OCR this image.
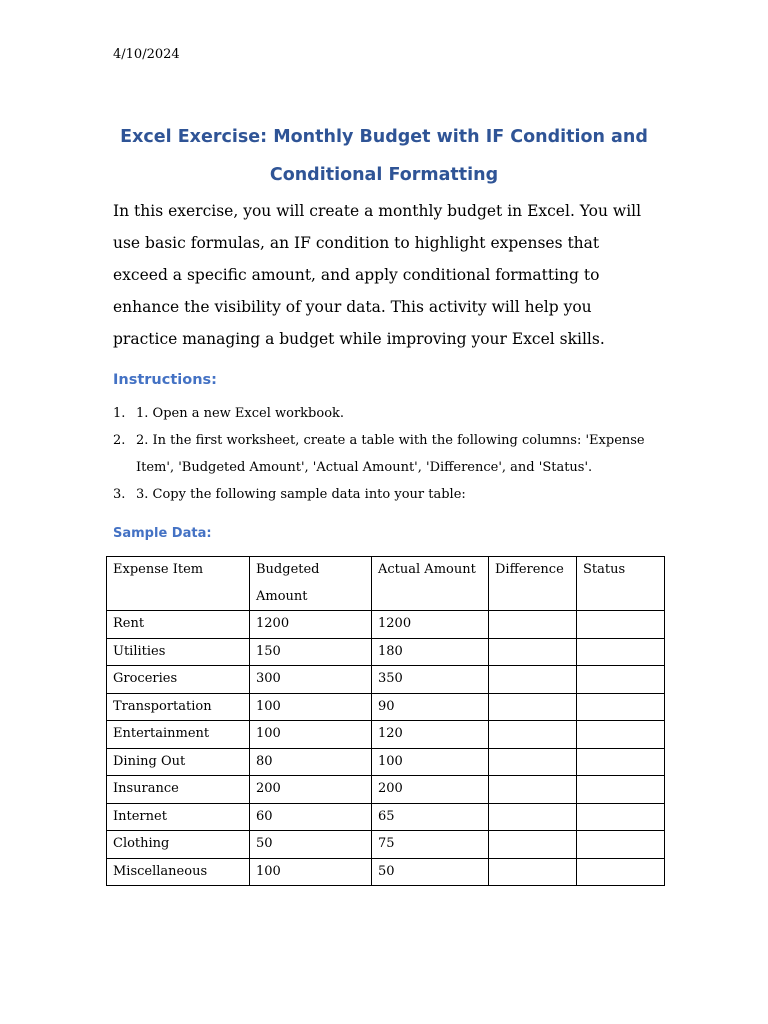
4/10/2024
Excel Exercise: Monthly Budget with IF Condition and
Conditional Formatting

In this exercise, you will create a monthly budget in Excel. You will use basic formulas, an IF condition to highlight expenses that exceed a specific amount, and apply conditional formatting to enhance the visibility of your data. This activity will help you practice managing a budget while improving your Excel skills.

Instructions:
1. 1. Open a new Excel workbook.
2. 2. In the first worksheet, create a table with the following columns: 'Expense Item', 'Budgeted Amount', 'Actual Amount', 'Difference', and 'Status'.
3. 3. Copy the following sample data into your table:
Sample Data:
Expense Item	Budgeted Amount	Actual Amount	Difference	Status
Rent	1200	1200		
Utilities	150	180		
Groceries	300	350		
Transportation	100	90		
Entertainment	100	120		
Dining Out	80	100		
Insurance	200	200		
Internet	60	65		
Clothing	50	75		
Miscellaneous	100	50		
